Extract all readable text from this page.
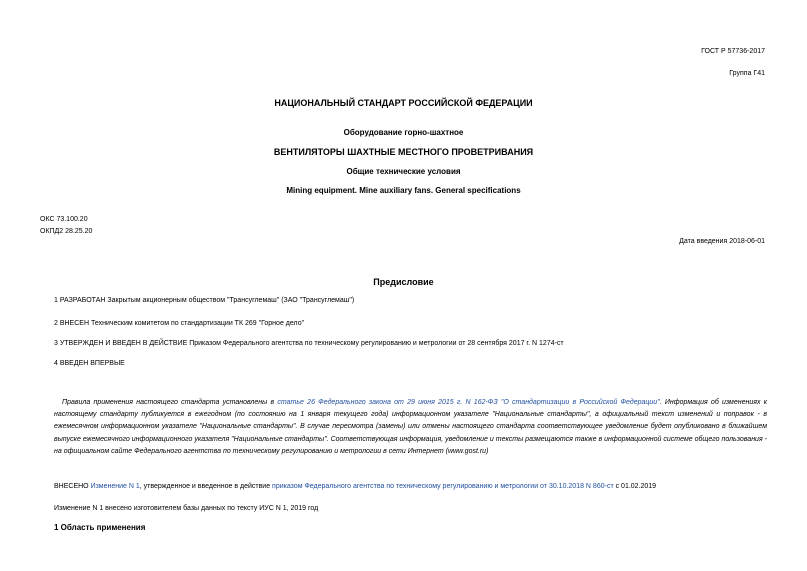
ГОСТ Р 57736-2017
Группа Г41
НАЦИОНАЛЬНЫЙ СТАНДАРТ РОССИЙСКОЙ ФЕДЕРАЦИИ
Оборудование горно-шахтное
ВЕНТИЛЯТОРЫ ШАХТНЫЕ МЕСТНОГО ПРОВЕТРИВАНИЯ
Общие технические условия
Mining equipment. Mine auxiliary fans. General specifications
ОКС 73.100.20
ОКПД2 28.25.20
Дата введения 2018-06-01
Предисловие
1 РАЗРАБОТАН Закрытым акционерным обществом "Трансуглемаш" (ЗАО "Трансуглемаш")
2 ВНЕСЕН Техническим комитетом по стандартизации ТК 269 "Горное дело"
3 УТВЕРЖДЕН И ВВЕДЕН В ДЕЙСТВИЕ Приказом Федерального агентства по техническому регулированию и метрологии от 28 сентября 2017 г. N 1274-ст
4 ВВЕДЕН ВПЕРВЫЕ
Правила применения настоящего стандарта установлены в статье 26 Федерального закона от 29 июня 2015 г. N 162-ФЗ "О стандартизации в Российской Федерации". Информация об изменениях к настоящему стандарту публикуется в ежегодном (по состоянию на 1 января текущего года) информационном указателе "Национальные стандарты", а официальный текст изменений и поправок - в ежемесячном информационном указателе "Национальные стандарты". В случае пересмотра (замены) или отмены настоящего стандарта соответствующее уведомление будет опубликовано в ближайшем выпуске ежемесячного информационного указателя "Национальные стандарты". Соответствующая информация, уведомление и тексты размещаются также в информационной системе общего пользования - на официальном сайте Федерального агентства по техническому регулированию и метрологии в сети Интернет (www.gost.ru)
ВНЕСЕНО Изменение N 1, утвержденное и введенное в действие приказом Федерального агентства по техническому регулированию и метрологии от 30.10.2018 N 860-ст с 01.02.2019
Изменение N 1 внесено изготовителем базы данных по тексту ИУС N 1, 2019 год
1 Область применения
